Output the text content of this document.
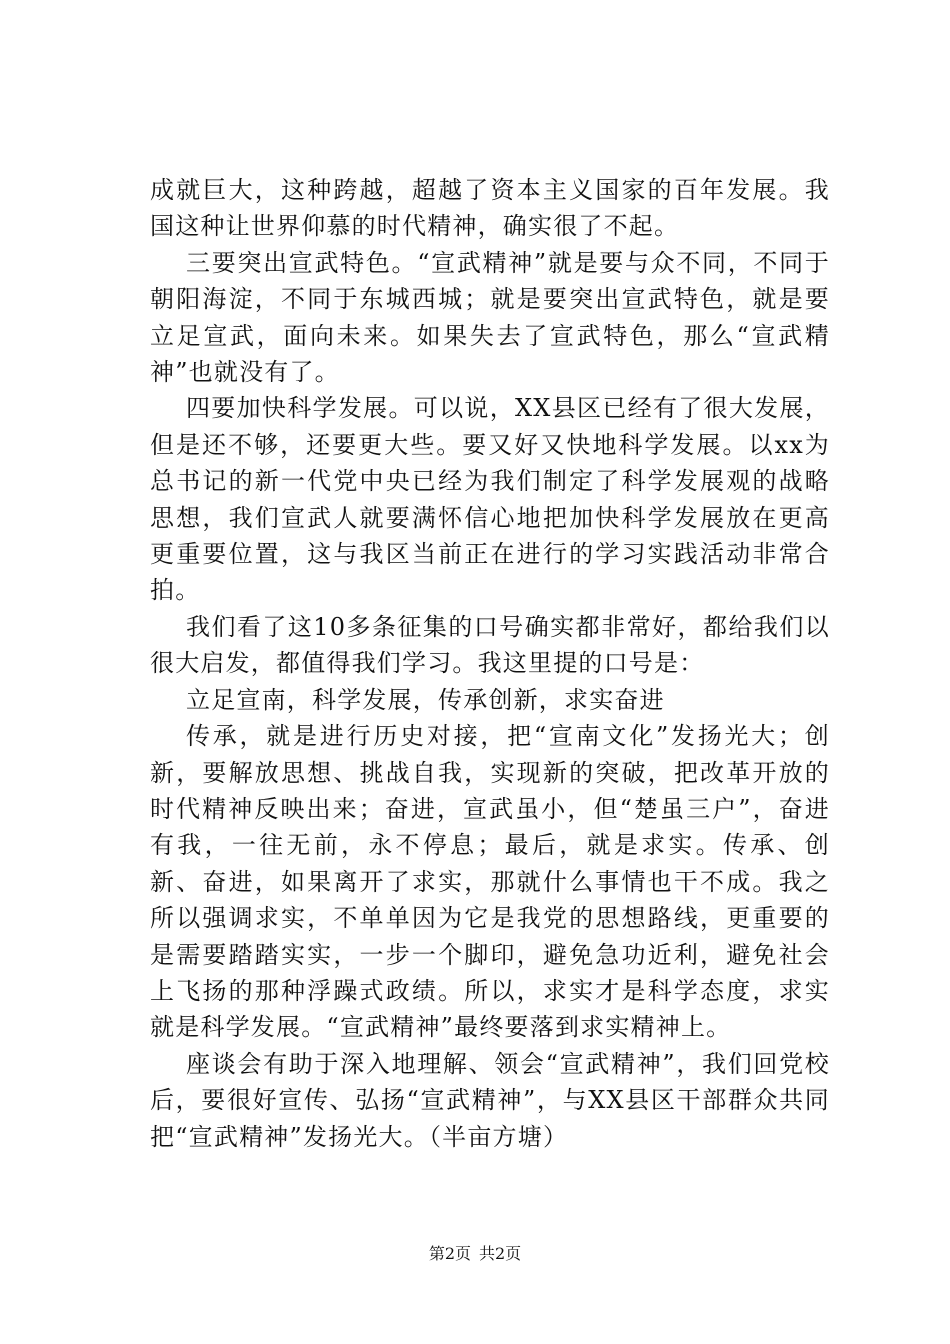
成就巨大，这种跨越，超越了资本主义国家的百年发展。我国这种让世界仰慕的时代精神，确实很了不起。

三要突出宣武特色。“宣武精神”就是要与众不同，不同于朝阳海淀，不同于东城西城；就是要突出宣武特色，就是要立足宣武，面向未来。如果失去了宣武特色，那么“宣武精神”也就没有了。

四要加快科学发展。可以说，XX县区已经有了很大发展，但是还不够，还要更大些。要又好又快地科学发展。以xx为总书记的新一代党中央已经为我们制定了科学发展观的战略思想，我们宣武人就要满怀信心地把加快科学发展放在更高更重要位置，这与我区当前正在进行的学习实践活动非常合拍。

我们看了这10多条征集的口号确实都非常好，都给我们以很大启发，都值得我们学习。我这里提的口号是：

立足宣南，科学发展，传承创新，求实奋进

传承，就是进行历史对接，把“宣南文化”发扬光大；创新，要解放思想、挑战自我，实现新的突破，把改革开放的时代精神反映出来；奋进，宣武虽小，但“楚虽三户”，奋进有我，一往无前，永不停息；最后，就是求实。传承、创新、奋进，如果离开了求实，那就什么事情也干不成。我之所以强调求实，不单单因为它是我党的思想路线，更重要的是需要踏踏实实，一步一个脚印，避免急功近利，避免社会上飞扬的那种浮躁式政绩。所以，求实才是科学态度，求实就是科学发展。“宣武精神”最终要落到求实精神上。

座谈会有助于深入地理解、领会“宣武精神”，我们回党校后，要很好宣传、弘扬“宣武精神”，与XX县区干部群众共同把“宣武精神”发扬光大。（半亩方塘）

第2页 共2页
